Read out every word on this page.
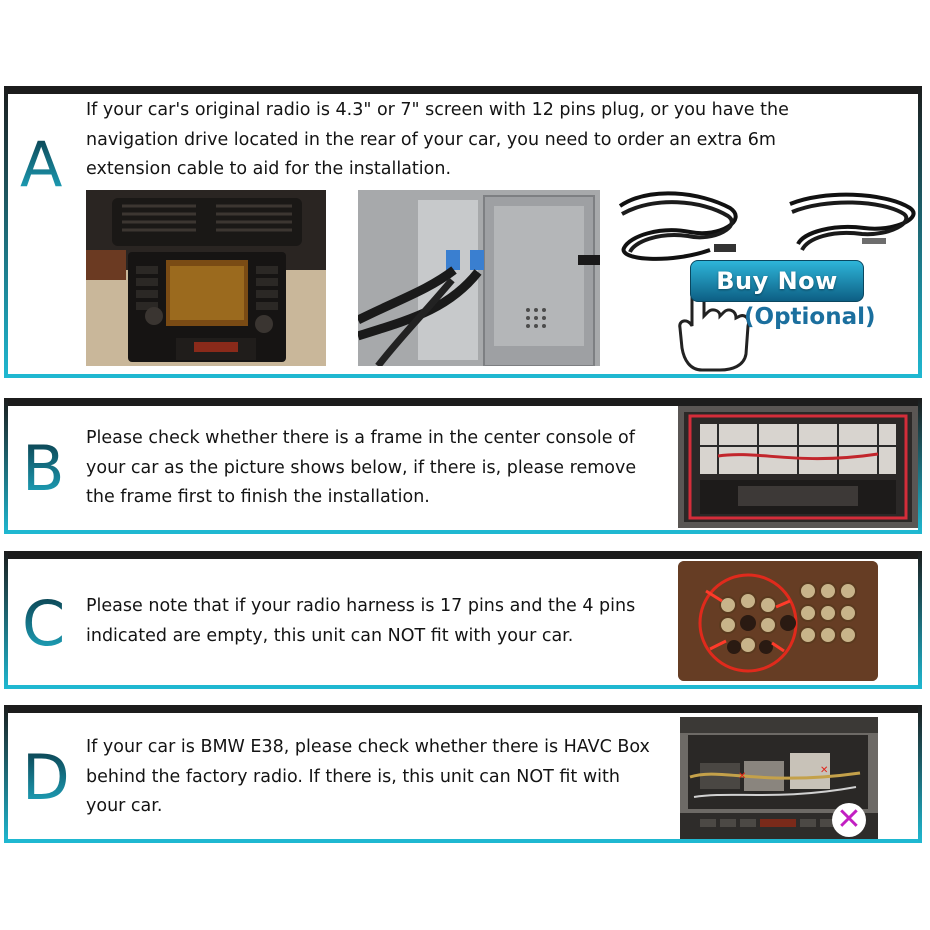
A

If your car's original radio is 4.3" or 7" screen with 12 pins plug, or you have the navigation drive located in the rear of your car, you need to order an extra 6m extension cable to aid for the installation.

Buy Now
(Optional)
B Please check whether there is a frame in the center console of your car as the picture shows below, if there is, please remove the frame first to finish the installation.

C Please note that if your radio harness is 17 pins and the 4 pins indicated are empty, this unit can NOT fit with your car.

D If your car is BMW E38, please check whether there is HAVC Box behind the factory radio. If there is, this unit can NOT fit with your car.

✕
✕
✕
